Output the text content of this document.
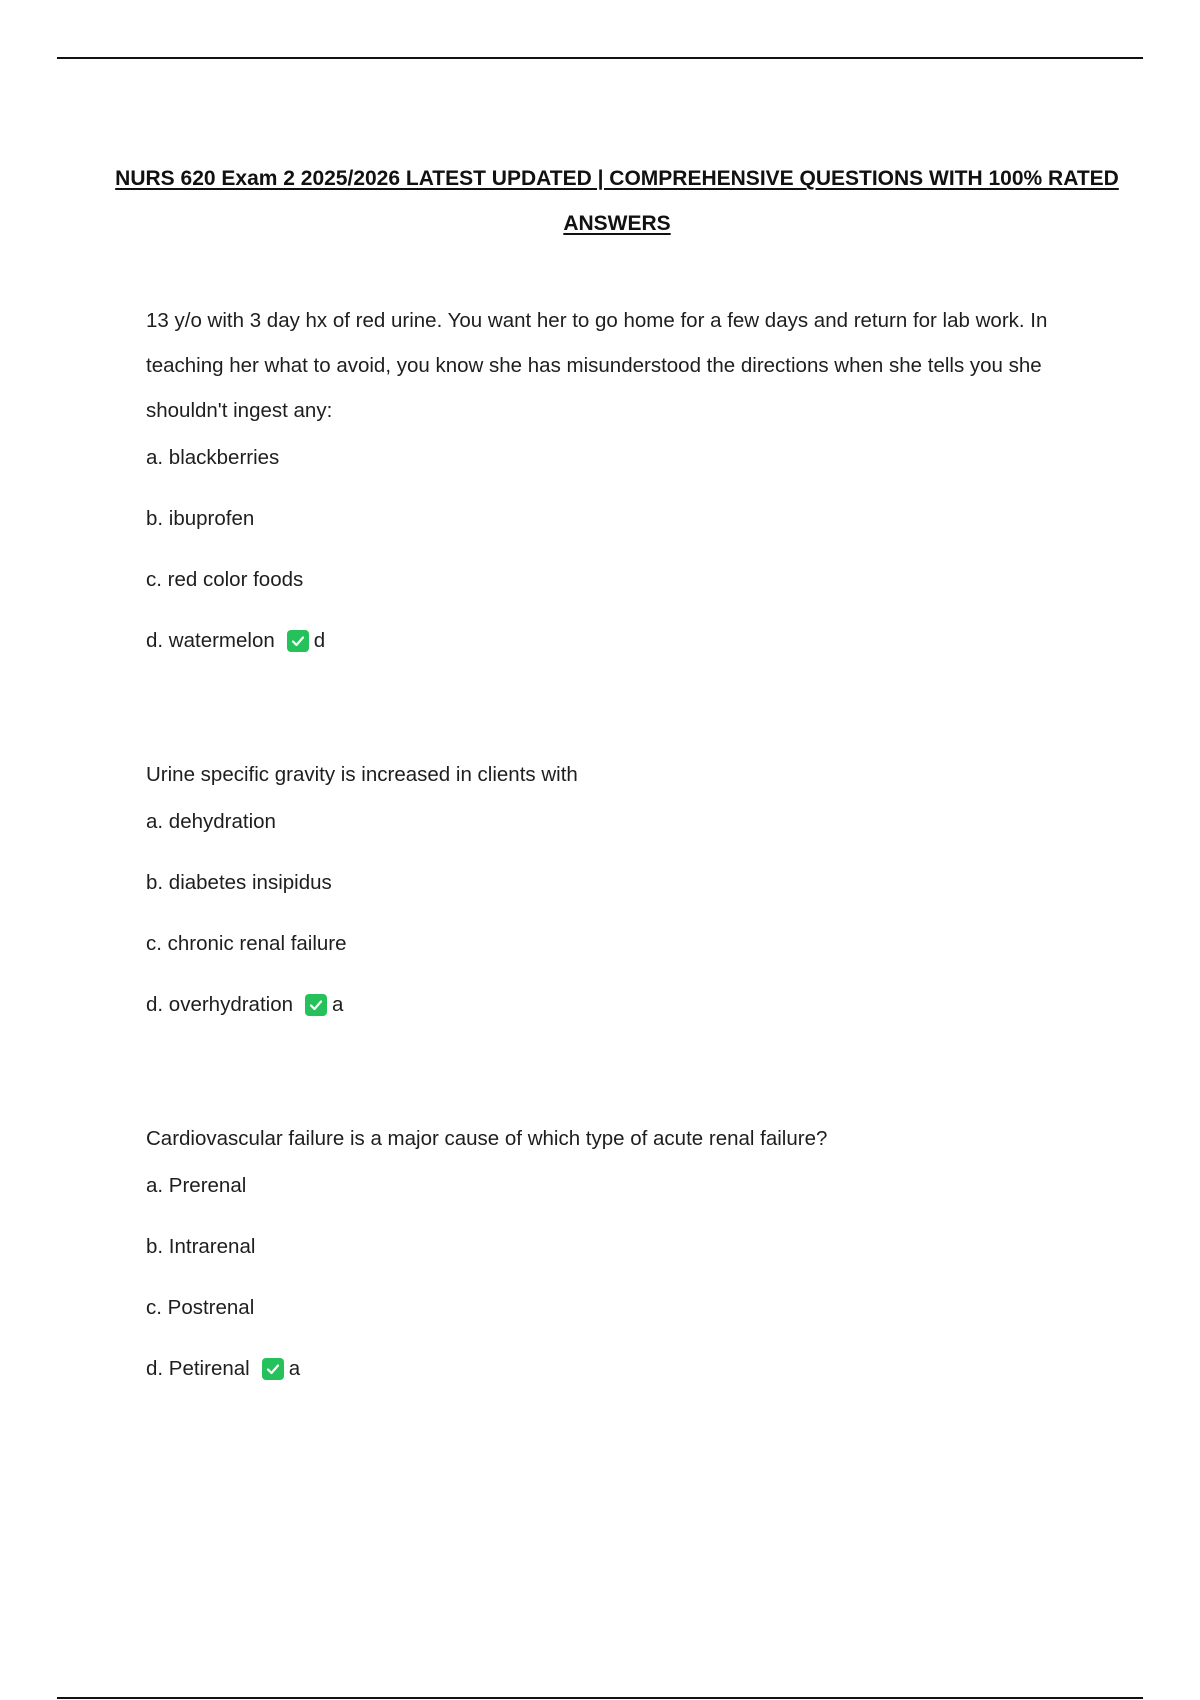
NURS 620 Exam 2 2025/2026 LATEST UPDATED | COMPREHENSIVE QUESTIONS WITH 100% RATED ANSWERS

13 y/o with 3 day hx of red urine. You want her to go home for a few days and return for lab work. In teaching her what to avoid, you know she has misunderstood the directions when she tells you she shouldn't ingest any:

a. blackberries
b. ibuprofen
c. red color foods
d. watermelon d

Urine specific gravity is increased in clients with

a. dehydration
b. diabetes insipidus
c. chronic renal failure
d. overhydration a

Cardiovascular failure is a major cause of which type of acute renal failure?

a. Prerenal
b. Intrarenal
c. Postrenal
d. Petirenal a
